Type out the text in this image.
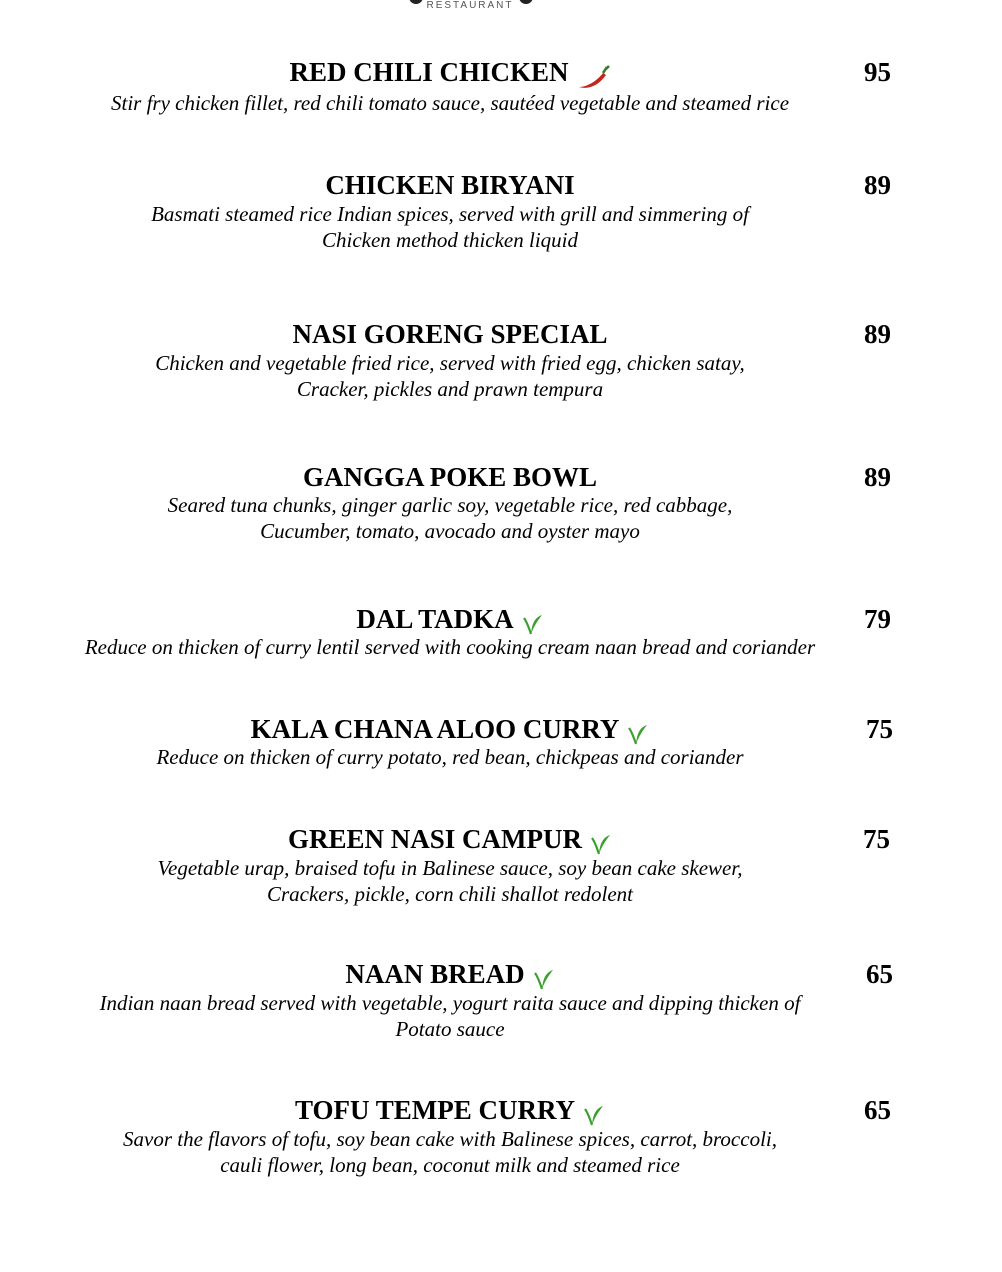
RESTAURANT
RED CHILI CHICKEN	95
Stir fry chicken fillet, red chili tomato sauce, sautéed vegetable and steamed rice
CHICKEN BIRYANI	89
Basmati steamed rice Indian spices, served with grill and simmering of
Chicken method thicken liquid
NASI GORENG SPECIAL	89
Chicken and vegetable fried rice, served with fried egg, chicken satay,
Cracker, pickles and prawn tempura
GANGGA POKE BOWL	89
Seared tuna chunks, ginger garlic soy, vegetable rice, red cabbage,
Cucumber, tomato, avocado and oyster mayo
DAL TADKA	79
Reduce on thicken of curry lentil served with cooking cream naan bread and coriander
KALA CHANA ALOO CURRY	75
Reduce on thicken of curry potato, red bean, chickpeas and coriander
GREEN NASI CAMPUR	75
Vegetable urap, braised tofu in Balinese sauce, soy bean cake skewer,
Crackers, pickle, corn chili shallot redolent
NAAN BREAD	65
Indian naan bread served with vegetable, yogurt raita sauce and dipping thicken of
Potato sauce
TOFU TEMPE CURRY	65
Savor the flavors of tofu, soy bean cake with Balinese spices, carrot, broccoli,
cauli flower, long bean, coconut milk and steamed rice
